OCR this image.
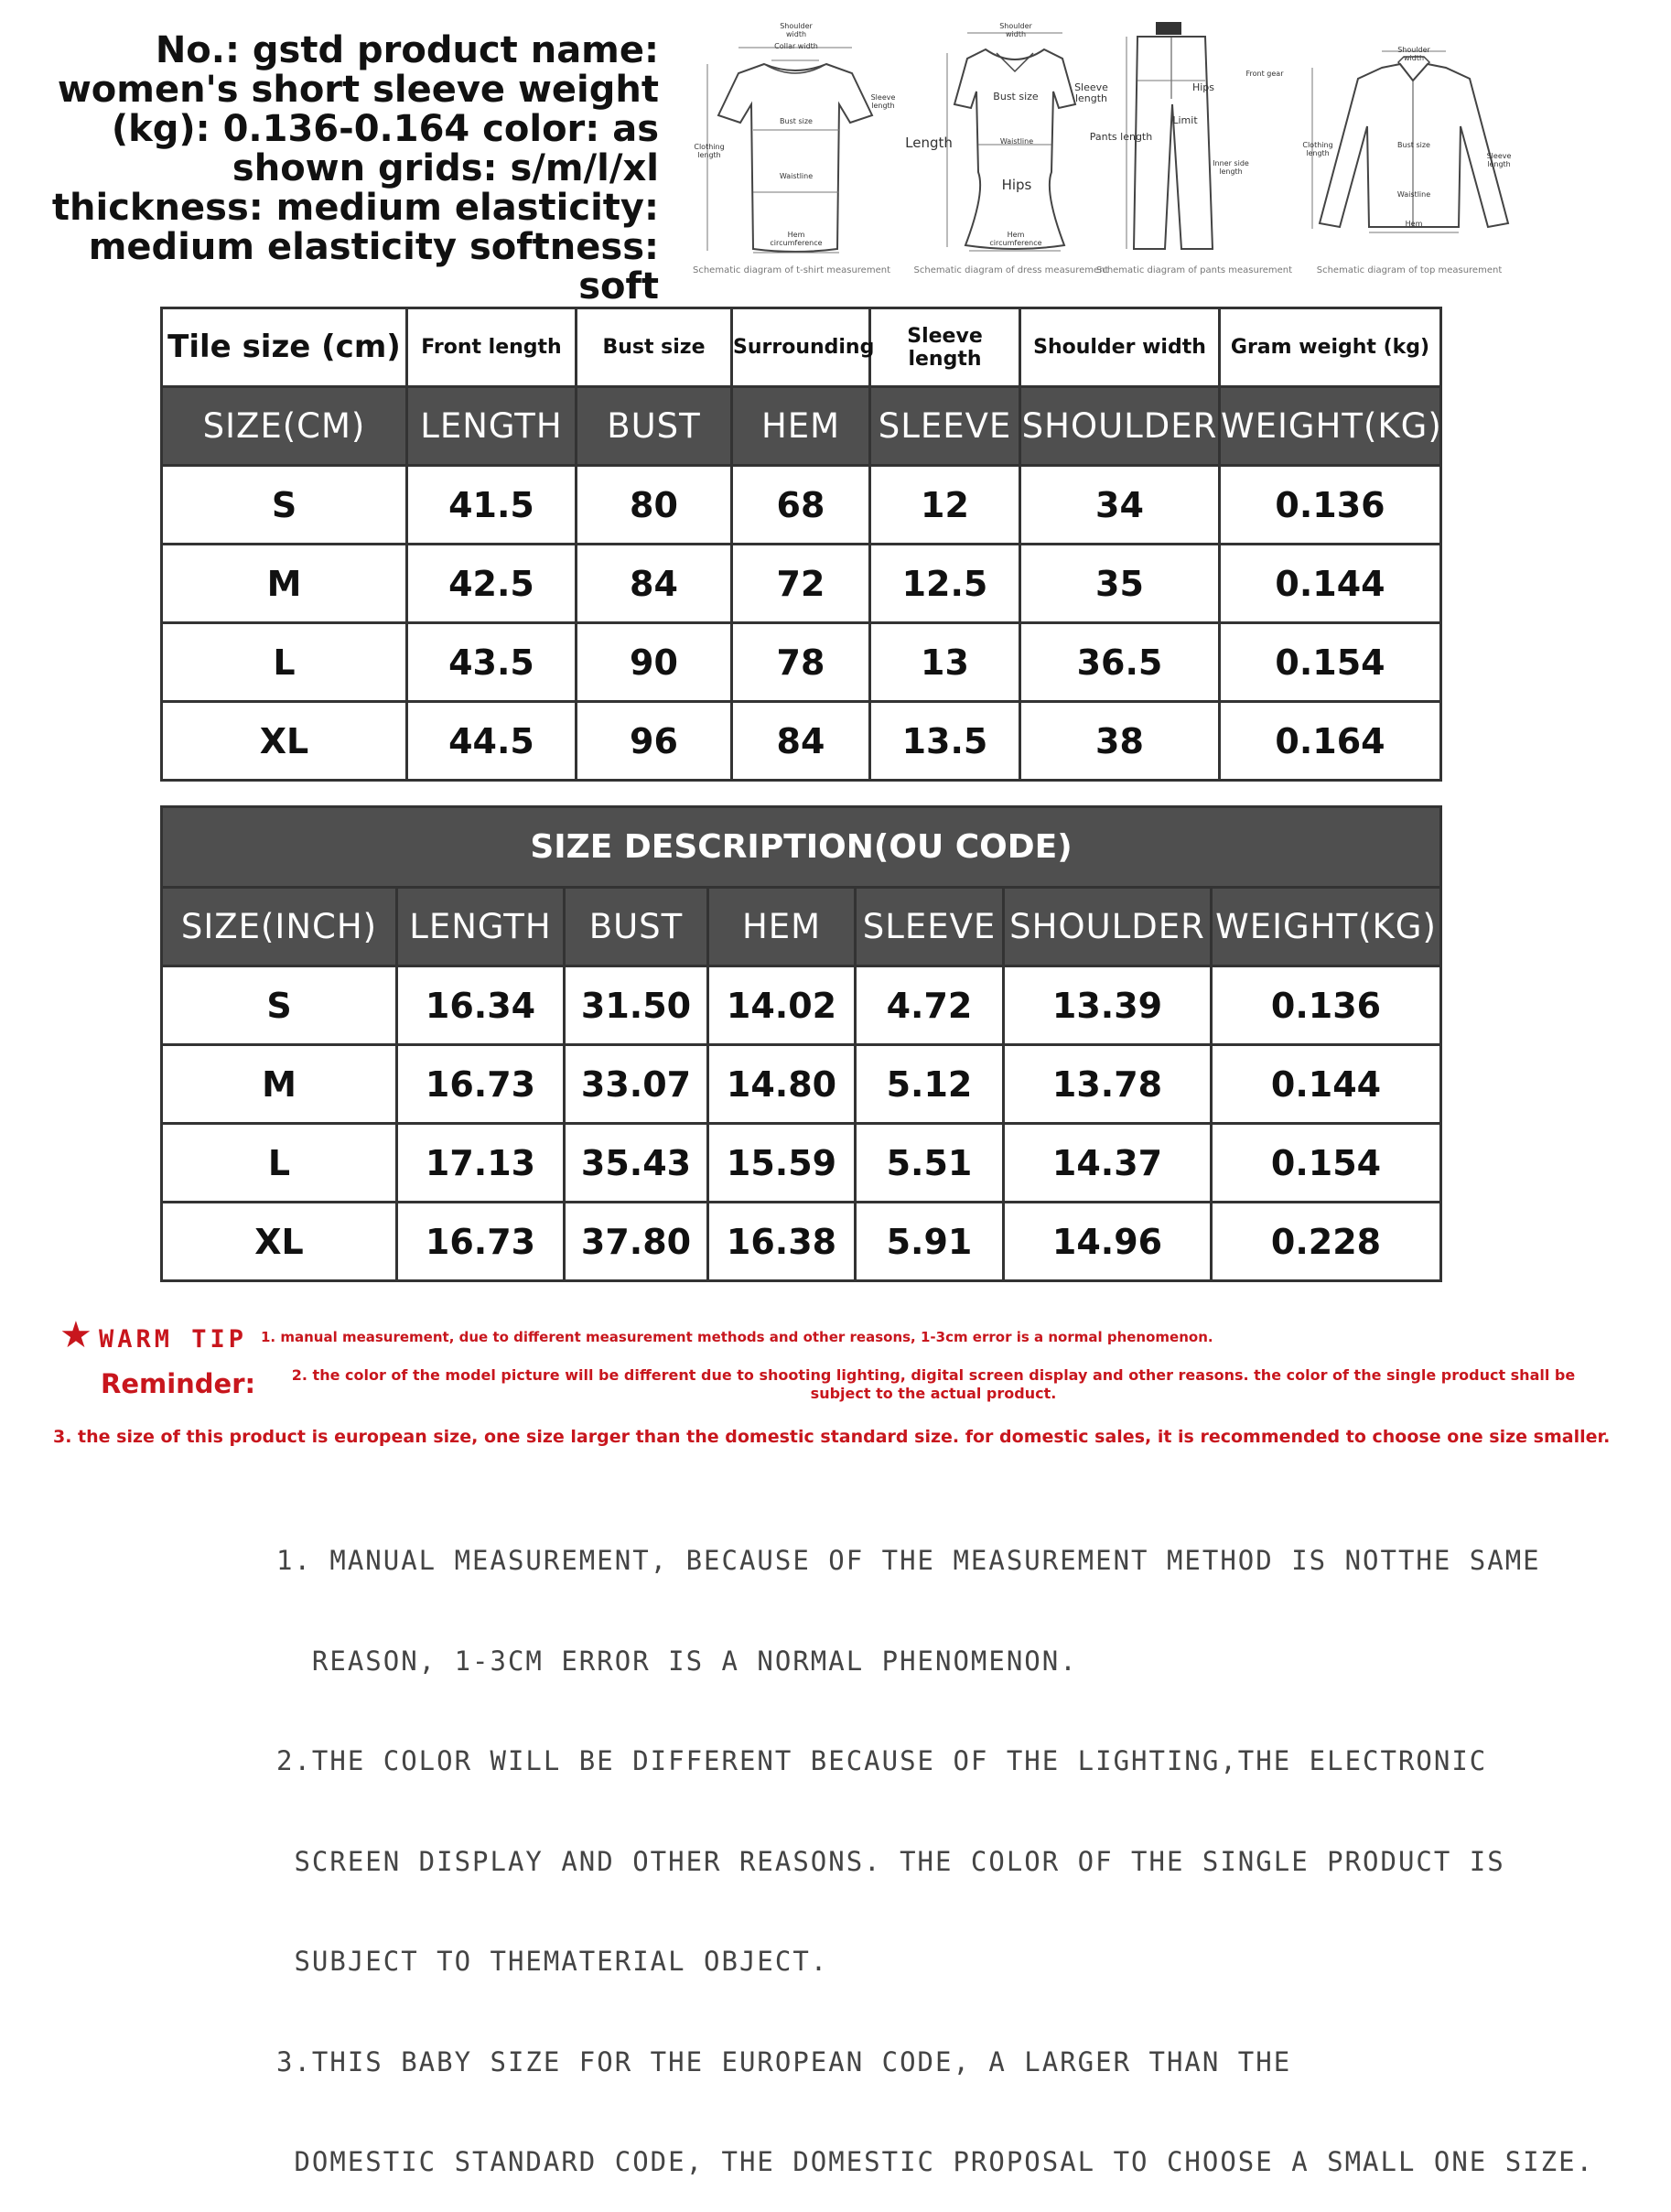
No.: gstd product name: women's short sleeve weight (kg): 0.136-0.164 color: as shown grids: s/m/l/xl thickness: medium elasticity: medium elasticity softness: soft
Shoulder width
Collar width
Sleeve length
Bust size
Clothing length
Waistline
Hem circumference
Schematic diagram of t-shirt measurement
Shoulder width
Bust size
Sleeve length
Length	Waistline
Hips
Hem circumference
Schematic diagram of dress measurement
Front gear
Hips
Limit
Pants length
Inner side length
Schematic diagram of pants measurement
Shoulder width
Clothing length
Bust size
Sleeve length
Waistline
Hem
Schematic diagram of top measurement
Tile size (cm)	Front length	Bust size	Surrounding	Sleeve length	Shoulder width	Gram weight (kg)
SIZE(CM)	LENGTH	BUST	HEM	SLEEVE	SHOULDER	WEIGHT(KG)
S	41.5	80	68	12	34	0.136
M	42.5	84	72	12.5	35	0.144
L	43.5	90	78	13	36.5	0.154
XL	44.5	96	84	13.5	38	0.164
SIZE DESCRIPTION(OU CODE)						
SIZE(INCH)	LENGTH	BUST	HEM	SLEEVE	SHOULDER	WEIGHT(KG)
S	16.34	31.50	14.02	4.72	13.39	0.136
M	16.73	33.07	14.80	5.12	13.78	0.144
L	17.13	35.43	15.59	5.51	14.37	0.154
XL	16.73	37.80	16.38	5.91	14.96	0.228
★ WARM TIP 1. manual measurement, due to different measurement methods and other reasons, 1-3cm error is a normal phenomenon.
Reminder:	2. the color of the model picture will be different due to shooting lighting, digital screen display and other reasons. the color of the single product shall be subject to the actual product.
3. the size of this product is european size, one size larger than the domestic standard size. for domestic sales, it is recommended to choose one size smaller.

1. MANUAL MEASUREMENT, BECAUSE OF THE MEASUREMENT METHOD IS NOTTHE SAME

REASON, 1-3CM ERROR IS A NORMAL PHENOMENON.

2.THE COLOR WILL BE DIFFERENT BECAUSE OF THE LIGHTING,THE ELECTRONIC

SCREEN DISPLAY AND OTHER REASONS. THE COLOR OF THE SINGLE PRODUCT IS

SUBJECT TO THEMATERIAL OBJECT.

3.THIS BABY SIZE FOR THE EUROPEAN CODE, A LARGER THAN THE

DOMESTIC STANDARD CODE, THE DOMESTIC PROPOSAL TO CHOOSE A SMALL ONE SIZE.
